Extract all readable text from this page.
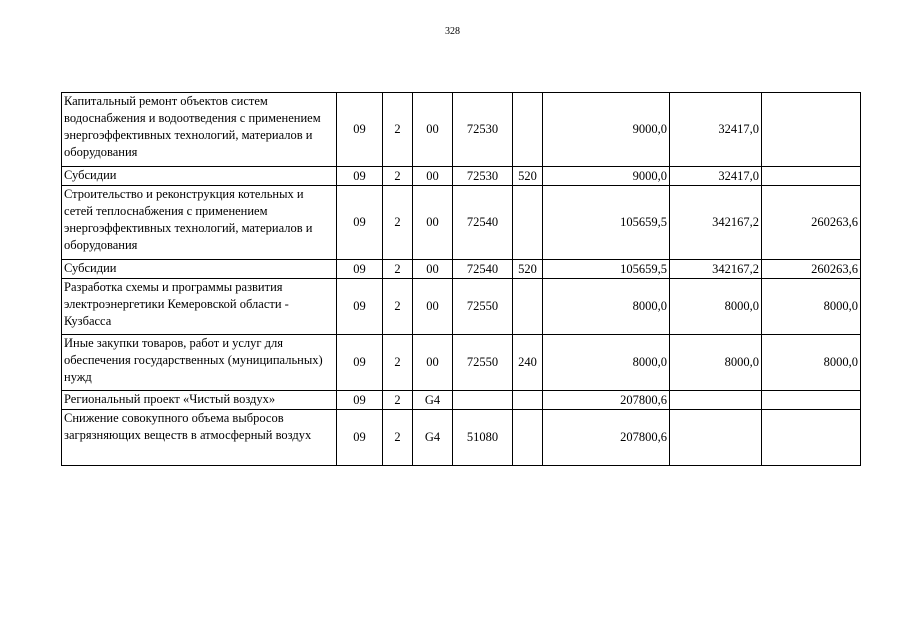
328
Капитальный ремонт объектов систем водоснабжения и водоотведения с применением энергоэффективных технологий, материалов и оборудования	09	2	00	72530		9000,0	32417,0	
Субсидии	09	2	00	72530	520	9000,0	32417,0	
Строительство и реконструкция котельных и сетей теплоснабжения с применением энергоэффективных технологий, материалов и оборудования	09	2	00	72540		105659,5	342167,2	260263,6
Субсидии	09	2	00	72540	520	105659,5	342167,2	260263,6
Разработка схемы и программы развития электроэнергетики Кемеровской области - Кузбасса	09	2	00	72550		8000,0	8000,0	8000,0
Иные закупки товаров, работ и услуг для обеспечения государственных (муниципальных) нужд	09	2	00	72550	240	8000,0	8000,0	8000,0
Региональный проект «Чистый воздух»	09	2	G4			207800,6		
Снижение совокупного объема выбросов загрязняющих веществ в атмосферный воздух	09	2	G4	51080		207800,6		
